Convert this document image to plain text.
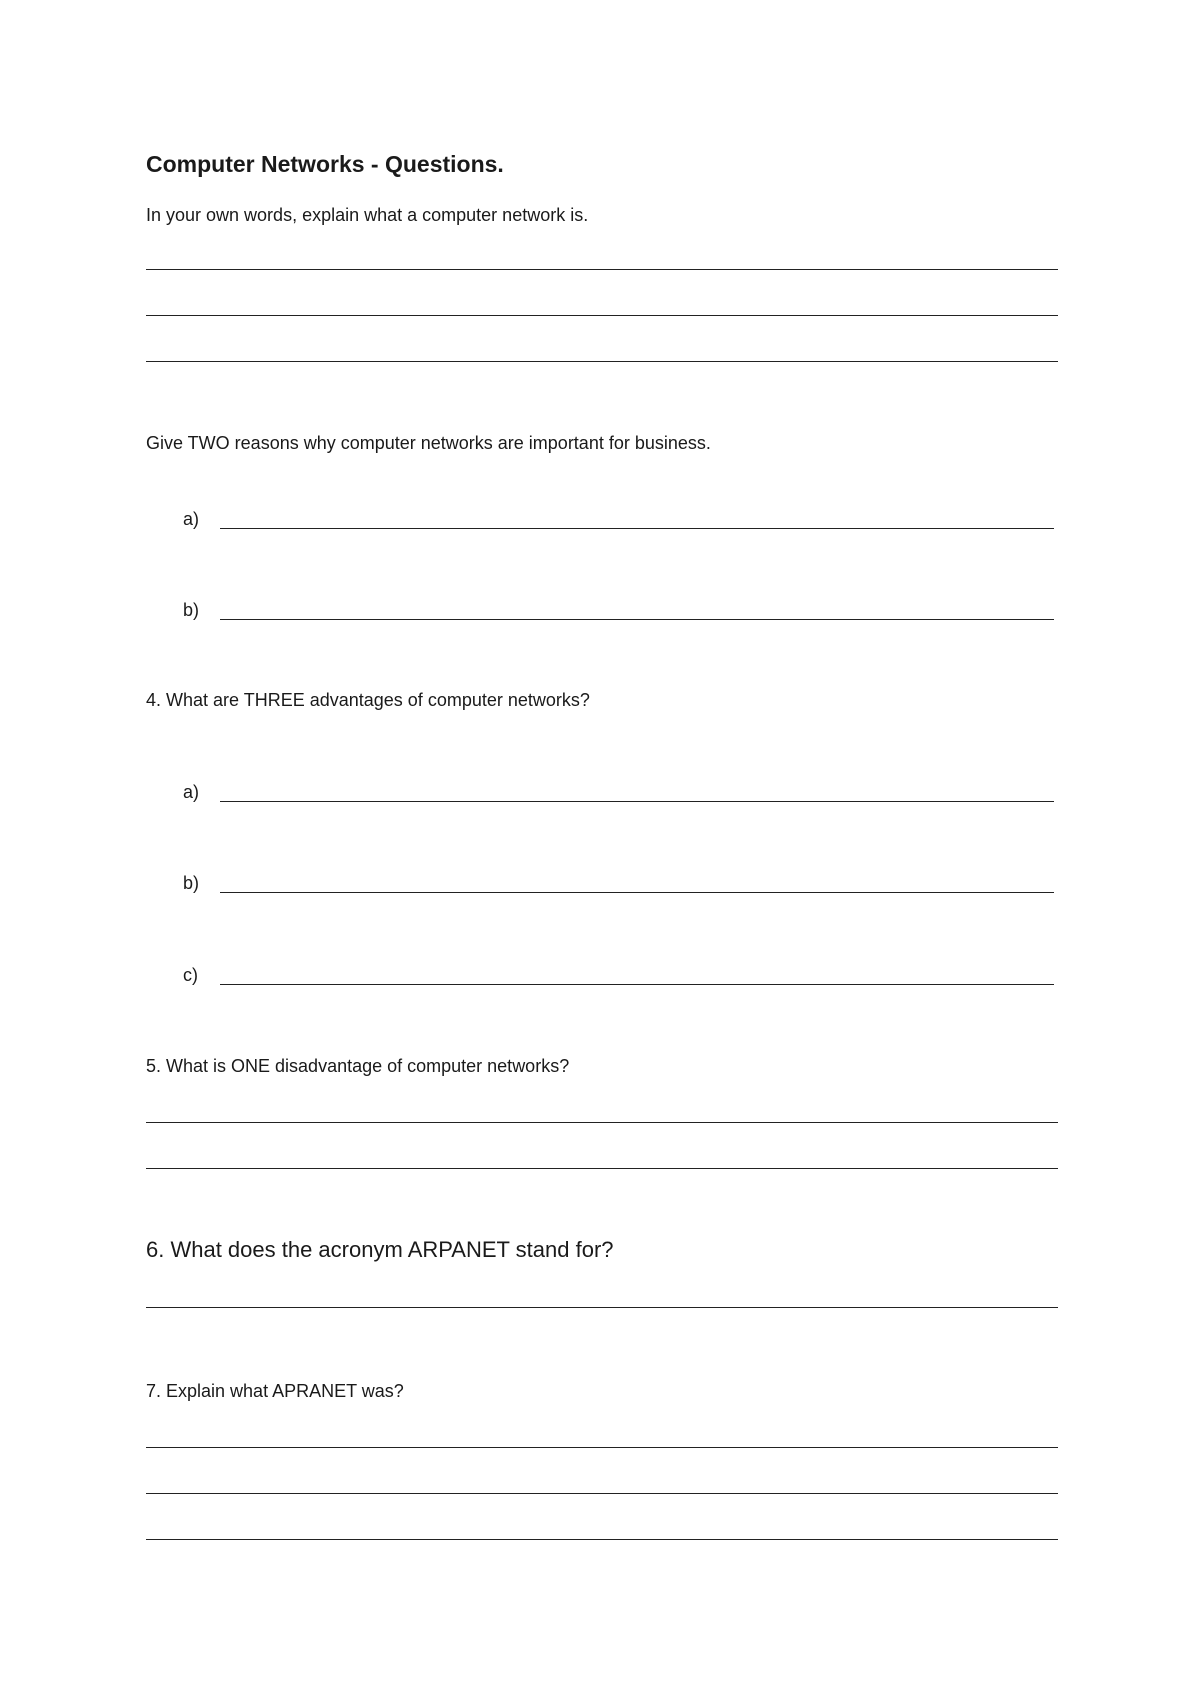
Computer Networks - Questions.
In your own words, explain what a computer network is.
Give TWO reasons why computer networks are important for business.
a)
b)
4. What are THREE advantages of computer networks?
a)
b)
c)
5. What is ONE disadvantage of computer networks?
6. What does the acronym ARPANET stand for?
7. Explain what APRANET was?
